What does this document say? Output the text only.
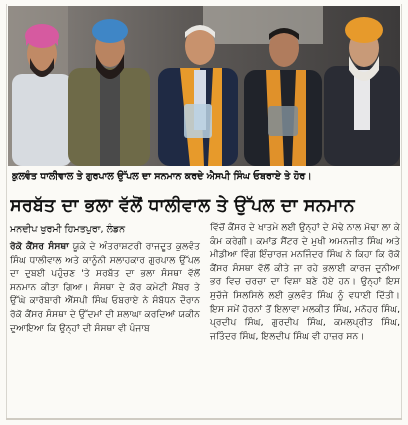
ਕੁਲਵੰਤ ਧਾਲੀਵਾਲ ਤੇ ਗੁਰਪਾਲ ਉੱਪਲ ਦਾ ਸਨਮਾਨ ਕਰਦੇ ਐਸਪੀ ਸਿੰਘ ਓਬਰਾਏ ਤੇ ਹੋਰ।
ਸਰਬੱਤ ਦਾ ਭਲਾ ਵੱਲੋਂ ਧਾਲੀਵਾਲ ਤੇ ਉੱਪਲ ਦਾ ਸਨਮਾਨ
ਮਨਦੀਪ ਖੁਰਮੀ ਹਿਮਤਪੁਰਾ, ਲੰਡਨ

ਰੋਕੋ ਕੈਂਸਰ ਸੰਸਥਾ ਯੂਕੇ ਦੇ ਅੰਤਰਾਸ਼ਟਰੀ ਰਾਜਦੂਤ ਕੁਲਵੰਤ ਸਿੰਘ ਧਾਲੀਵਾਲ ਅਤੇ ਕਾਨੂੰਨੀ ਸਲਾਹਕਾਰ ਗੁਰਪਾਲ ਉੱਪਲ ਦਾ ਦੁਬਈ ਪਹੁੰਚਣ 'ਤੇ ਸਰਬੱਤ ਦਾ ਭਲਾ ਸੰਸਥਾ ਵੱਲੋਂ ਸਨਮਾਨ ਕੀਤਾ ਗਿਆ। ਸੰਸਥਾ ਦੇ ਕੋਰ ਕਮੇਟੀ ਮੈਂਬਰ ਤੇ ਉੱਘੇ ਕਾਰੋਬਾਰੀ ਐੱਸਪੀ ਸਿੰਘ ਓਬਰਾਏ ਨੇ ਸੰਬੋਧਨ ਦੌਰਾਨ ਰੋਕੋ ਕੈਂਸਰ ਸੰਸਥਾ ਦੇ ਉੱਦਮਾਂ ਦੀ ਸ਼ਲਾਘਾ ਕਰਦਿਆਂ ਯਕੀਨ ਦੁਆਇਆ ਕਿ ਉਨ੍ਹਾਂ ਦੀ ਸੰਸਥਾ ਵੀ ਪੰਜਾਬ

ਵਿੱਚੋਂ ਕੈਂਸਰ ਦੇ ਖਾਤਮੇ ਲਈ ਉਨ੍ਹਾਂ ਦੇ ਮੋਢੇ ਨਾਲ ਮੋਢਾ ਲਾ ਕੇ ਕੰਮ ਕਰੇਗੀ। ਕਮਾਂਡ ਸੈਂਟਰ ਦੇ ਮੁਖੀ ਅਮਨਜੀਤ ਸਿੰਘ ਅਤੇ ਮੀਡੀਆ ਵਿੰਗ ਇੰਚਾਰਜ ਮਨਜਿੰਦਰ ਸਿੰਘ ਨੇ ਕਿਹਾ ਕਿ ਰੋਕੋ ਕੈਂਸਰ ਸੰਸਥਾ ਵੱਲੋਂ ਕੀਤੇ ਜਾ ਰਹੇ ਭਲਾਈ ਕਾਰਜ ਦੁਨੀਆ ਭਰ ਵਿਚ ਚਰਚਾ ਦਾ ਵਿਸ਼ਾ ਬਣੇ ਹੋਏ ਹਨ। ਉਨ੍ਹਾਂ ਇਸ ਸੁਚੱਜੇ ਸਿਲਸਿਲੇ ਲਈ ਕੁਲਵੰਤ ਸਿੰਘ ਨੂੰ ਵਧਾਈ ਦਿੱਤੀ। ਇਸ ਸਮੇਂ ਹੋਰਨਾਂ ਤੋਂ ਇਲਾਵਾ ਮਲਕੀਤ ਸਿੰਘ, ਮਨੋਹਰ ਸਿੰਘ, ਪ੍ਰਦੀਪ ਸਿੰਘ, ਗੁਰਦੀਪ ਸਿੰਘ, ਕਮਲਪ੍ਰੀਤ ਸਿੰਘ, ਜਤਿੰਦਰ ਸਿੰਘ, ਇਲਦੀਪ ਸਿੰਘ ਵੀ ਹਾਜ਼ਰ ਸਨ।
